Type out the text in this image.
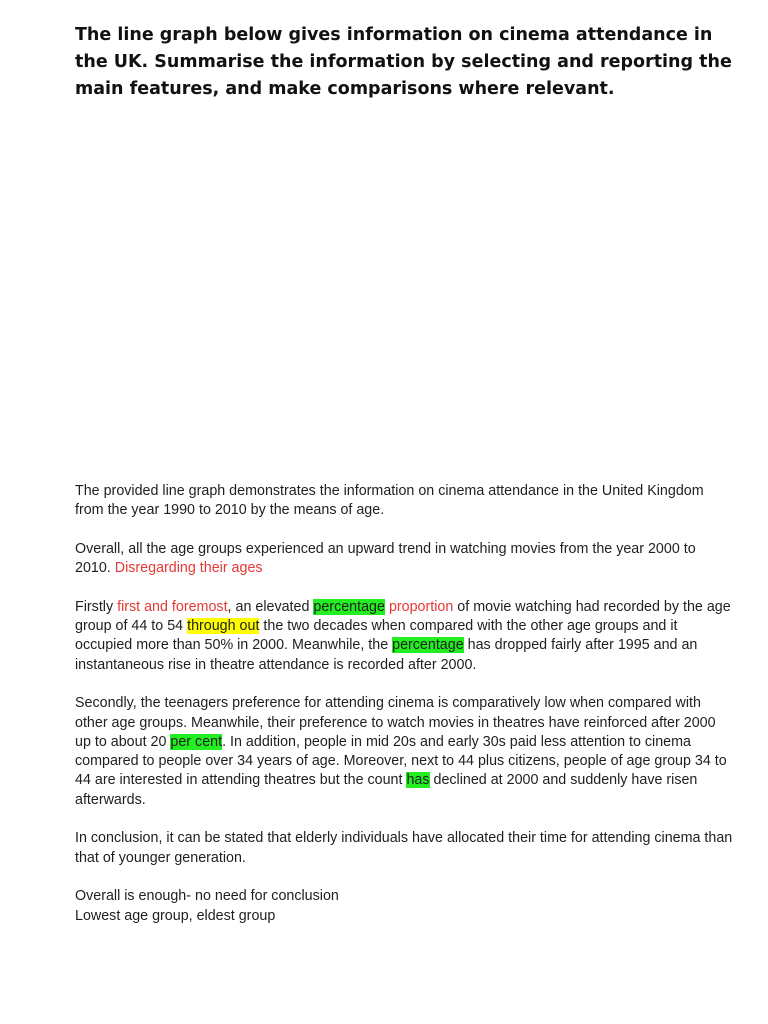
The line graph below gives information on cinema attendance in the UK. Summarise the information by selecting and reporting the main features, and make comparisons where relevant.

The provided line graph demonstrates the information on cinema attendance in the United Kingdom from the year 1990 to 2010 by the means of age.

Overall, all the age groups experienced an upward trend in watching movies from the year 2000 to 2010. Disregarding their ages

Firstly first and foremost, an elevated percentage proportion of movie watching had recorded by the age group of 44 to 54 through out the two decades when compared with the other age groups and it occupied more than 50% in 2000. Meanwhile, the percentage has dropped fairly after 1995 and an instantaneous rise in theatre attendance is recorded after 2000.

Secondly, the teenagers preference for attending cinema is comparatively low when compared with other age groups. Meanwhile, their preference to watch movies in theatres have reinforced after 2000 up to about 20 per cent. In addition, people in mid 20s and early 30s paid less attention to cinema compared to people over 34 years of age. Moreover, next to 44 plus citizens, people of age group 34 to 44 are interested in attending theatres but the count has declined at 2000 and suddenly have risen afterwards.

In conclusion, it can be stated that elderly individuals have allocated their time for attending cinema than that of younger generation.

Overall is enough- no need for conclusion

Lowest age group, eldest group
